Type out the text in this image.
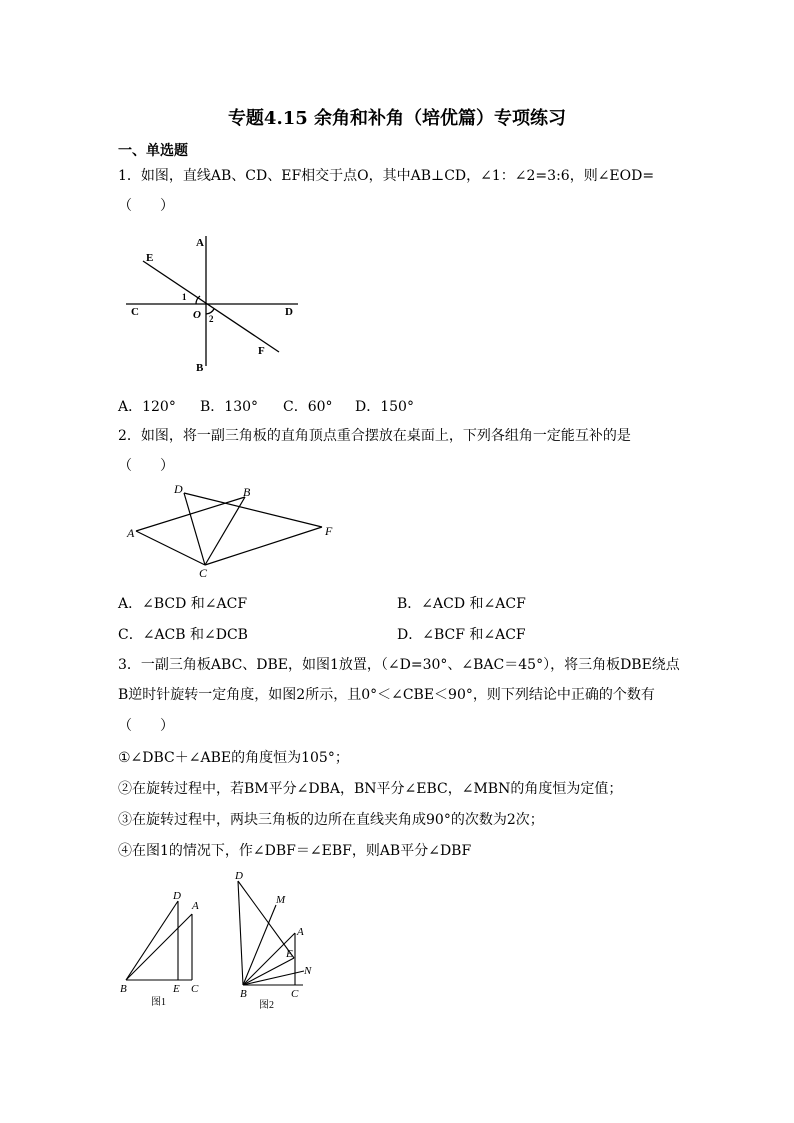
专题4.15 余角和补角（培优篇）专项练习
一、单选题
1．如图，直线AB、CD、EF相交于点O，其中AB⊥CD，∠1：∠2=3:6，则∠EOD=
（　　）
A
B
C	D
E
F
O
1
2
A．120° B．130° C．60° D．150°
2．如图，将一副三角板的直角顶点重合摆放在桌面上，下列各组角一定能互补的是
（　　）
D	B
A	F
C
A．∠BCD 和∠ACF	B．∠ACD 和∠ACF
C．∠ACB 和∠DCB	D．∠BCF 和∠ACF
3．一副三角板ABC、DBE，如图1放置，（∠D=30°、∠BAC＝45°），将三角板DBE绕点
B逆时针旋转一定角度，如图2所示，且0°＜∠CBE＜90°，则下列结论中正确的个数有
（　　）
①∠DBC＋∠ABE的角度恒为105°；
②在旋转过程中，若BM平分∠DBA，BN平分∠EBC，∠MBN的角度恒为定值；
③在旋转过程中，两块三角板的边所在直线夹角成90°的次数为2次；
④在图1的情况下，作∠DBF＝∠EBF，则AB平分∠DBF
D
A
B	E C
图1
D
M
A
E
N
B	C
图2
